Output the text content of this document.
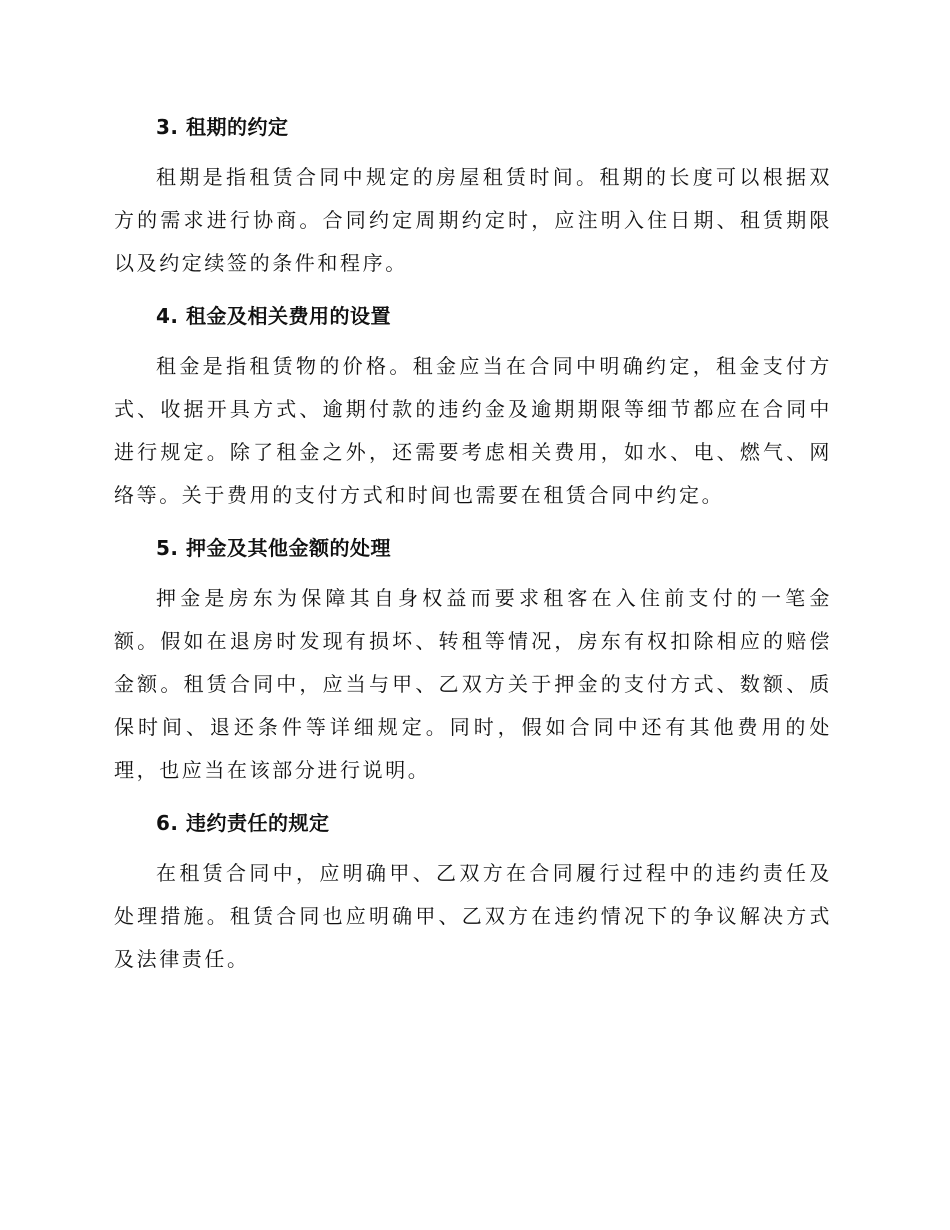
3. 租期的约定

租期是指租赁合同中规定的房屋租赁时间。租期的长度可以根据双方的需求进行协商。合同约定周期约定时，应注明入住日期、租赁期限以及约定续签的条件和程序。

4. 租金及相关费用的设置

租金是指租赁物的价格。租金应当在合同中明确约定，租金支付方式、收据开具方式、逾期付款的违约金及逾期期限等细节都应在合同中进行规定。除了租金之外，还需要考虑相关费用，如水、电、燃气、网络等。关于费用的支付方式和时间也需要在租赁合同中约定。

5. 押金及其他金额的处理

押金是房东为保障其自身权益而要求租客在入住前支付的一笔金额。假如在退房时发现有损坏、转租等情况，房东有权扣除相应的赔偿金额。租赁合同中，应当与甲、乙双方关于押金的支付方式、数额、质保时间、退还条件等详细规定。同时，假如合同中还有其他费用的处理，也应当在该部分进行说明。

6. 违约责任的规定

在租赁合同中，应明确甲、乙双方在合同履行过程中的违约责任及处理措施。租赁合同也应明确甲、乙双方在违约情况下的争议解决方式及法律责任。
